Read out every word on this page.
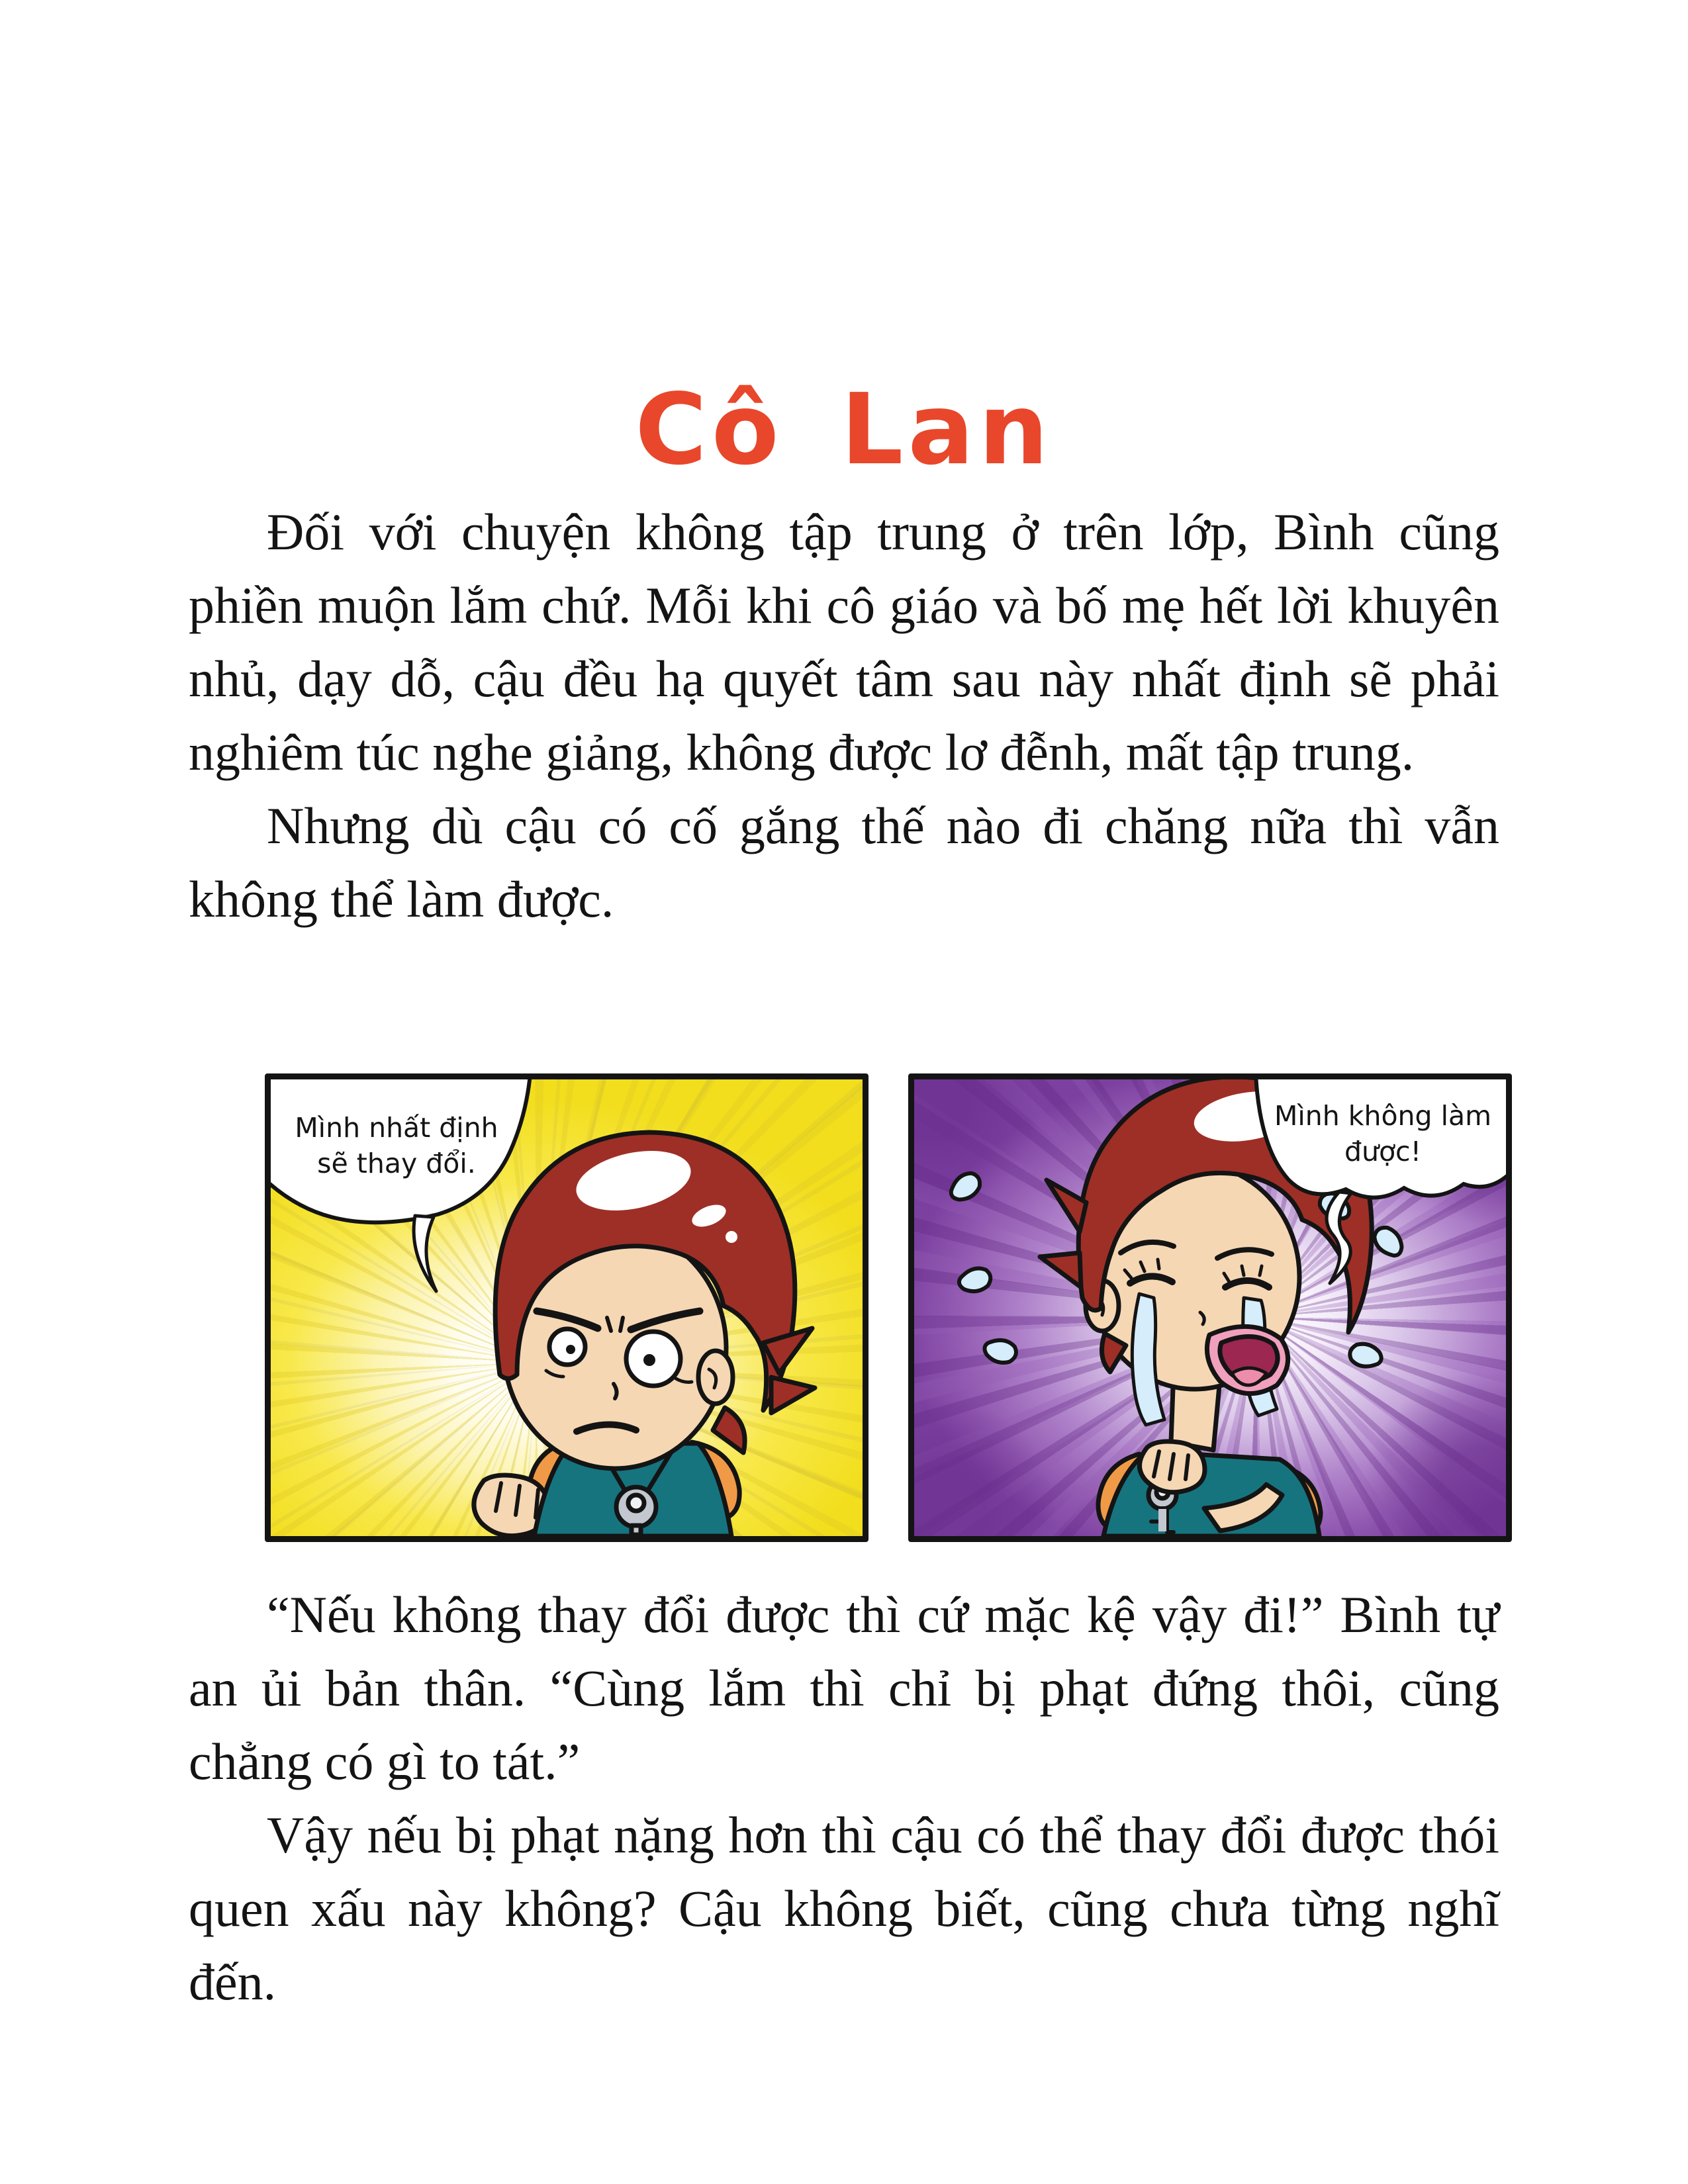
Cô Lan

Đối với chuyện không tập trung ở trên lớp, Bình cũng phiền muộn lắm chứ. Mỗi khi cô giáo và bố mẹ hết lời khuyên nhủ, dạy dỗ, cậu đều hạ quyết tâm sau này nhất định sẽ phải nghiêm túc nghe giảng, không được lơ đễnh, mất tập trung.

Nhưng dù cậu có cố gắng thế nào đi chăng nữa thì vẫn không thể làm được.

Mình nhất định sẽ thay đổi.
Mình không làm được!

“Nếu không thay đổi được thì cứ mặc kệ vậy đi!” Bình tự an ủi bản thân. “Cùng lắm thì chỉ bị phạt đứng thôi, cũng chẳng có gì to tát.”

Vậy nếu bị phạt nặng hơn thì cậu có thể thay đổi được thói quen xấu này không? Cậu không biết, cũng chưa từng nghĩ đến.
